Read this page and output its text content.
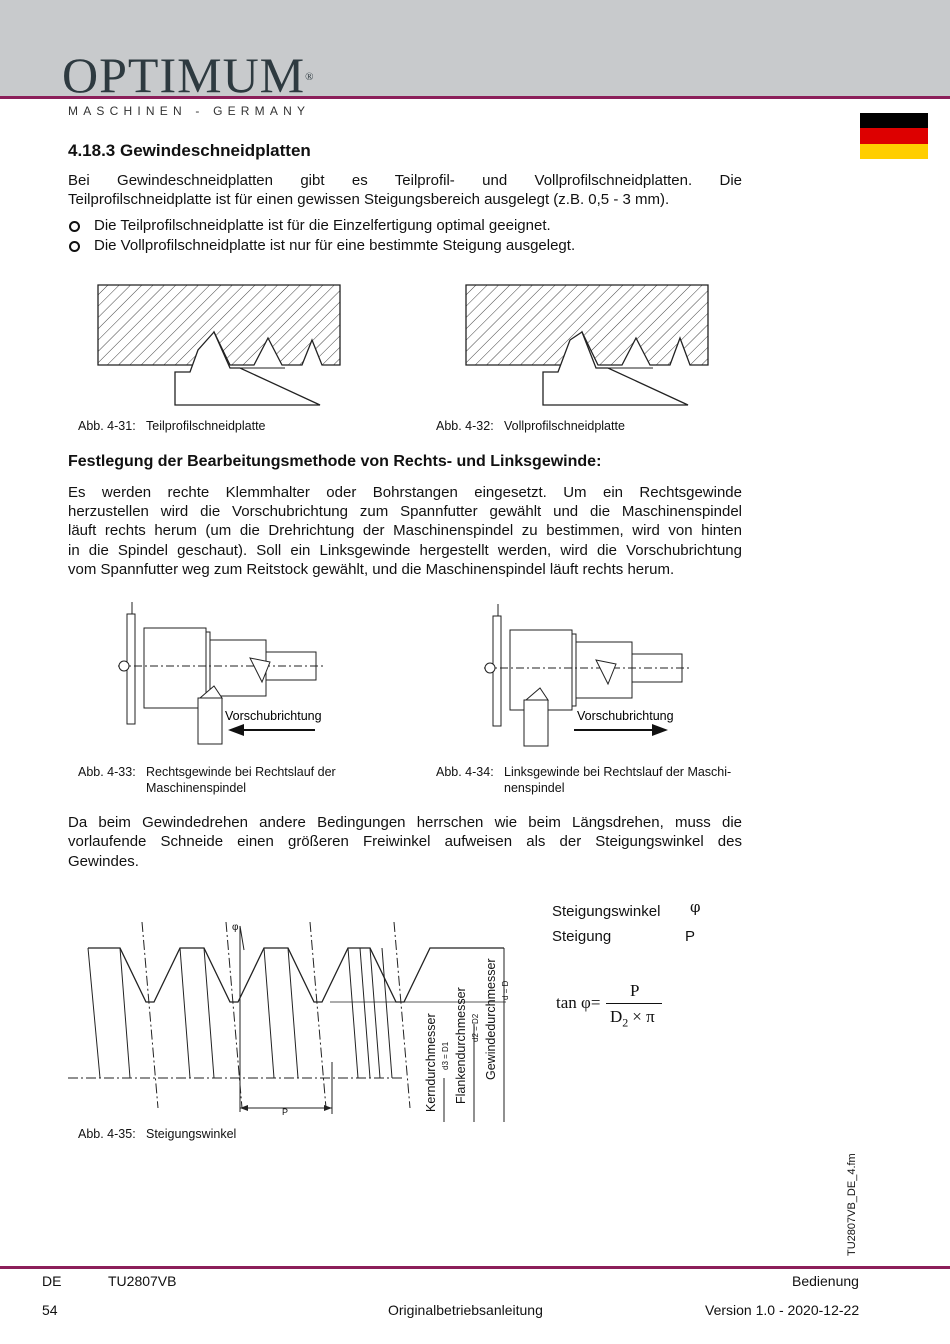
OPTIMUM®
MASCHINEN - GERMANY
4.18.3 Gewindeschneidplatten
Bei Gewindeschneidplatten gibt es Teilprofil- und Vollprofilschneidplatten. Die
Teilprofilschneidplatte ist für einen gewissen Steigungsbereich ausgelegt (z.B. 0,5 - 3 mm).
Die Teilprofilschneidplatte ist für die Einzelfertigung optimal geeignet.
Die Vollprofilschneidplatte ist nur für eine bestimmte Steigung ausgelegt.
Abb. 4-31: Teilprofilschneidplatte	Abb. 4-32: Vollprofilschneidplatte
Festlegung der Bearbeitungsmethode von Rechts- und Linksgewinde:
Es werden rechte Klemmhalter oder Bohrstangen eingesetzt. Um ein Rechtsgewinde
herzustellen wird die Vorschubrichtung zum Spannfutter gewählt und die Maschinenspindel
läuft rechts herum (um die Drehrichtung der Maschinenspindel zu bestimmen, wird von hinten
in die Spindel geschaut). Soll ein Linksgewinde hergestellt werden, wird die Vorschubrichtung
vom Spannfutter weg zum Reitstock gewählt, und die Maschinenspindel läuft rechts herum.
Vorschubrichtung	Vorschubrichtung
Abb. 4-33: Rechtsgewinde bei Rechtslauf der
Maschinenspindel
Abb. 4-34: Linksgewinde bei Rechtslauf der Maschi-
nenspindel
Da beim Gewindedrehen andere Bedingungen herrschen wie beim Längsdrehen, muss die
vorlaufende Schneide einen größeren Freiwinkel aufweisen als der Steigungswinkel des
Gewindes.
φ
P	Kerndurchmesser d3 = D1 Flankendurchmesser d2 = D2 Gewindedurchmesser d = D
Abb. 4-35: Steigungswinkel
Steigungswinkel φ
Steigung	P
tan φ=
P
$D_2 \times \pi$
TU2807VB_DE_4.fm
DE	TU2807VB	Bedienung
54	Originalbetriebsanleitung	Version 1.0 - 2020-12-22
